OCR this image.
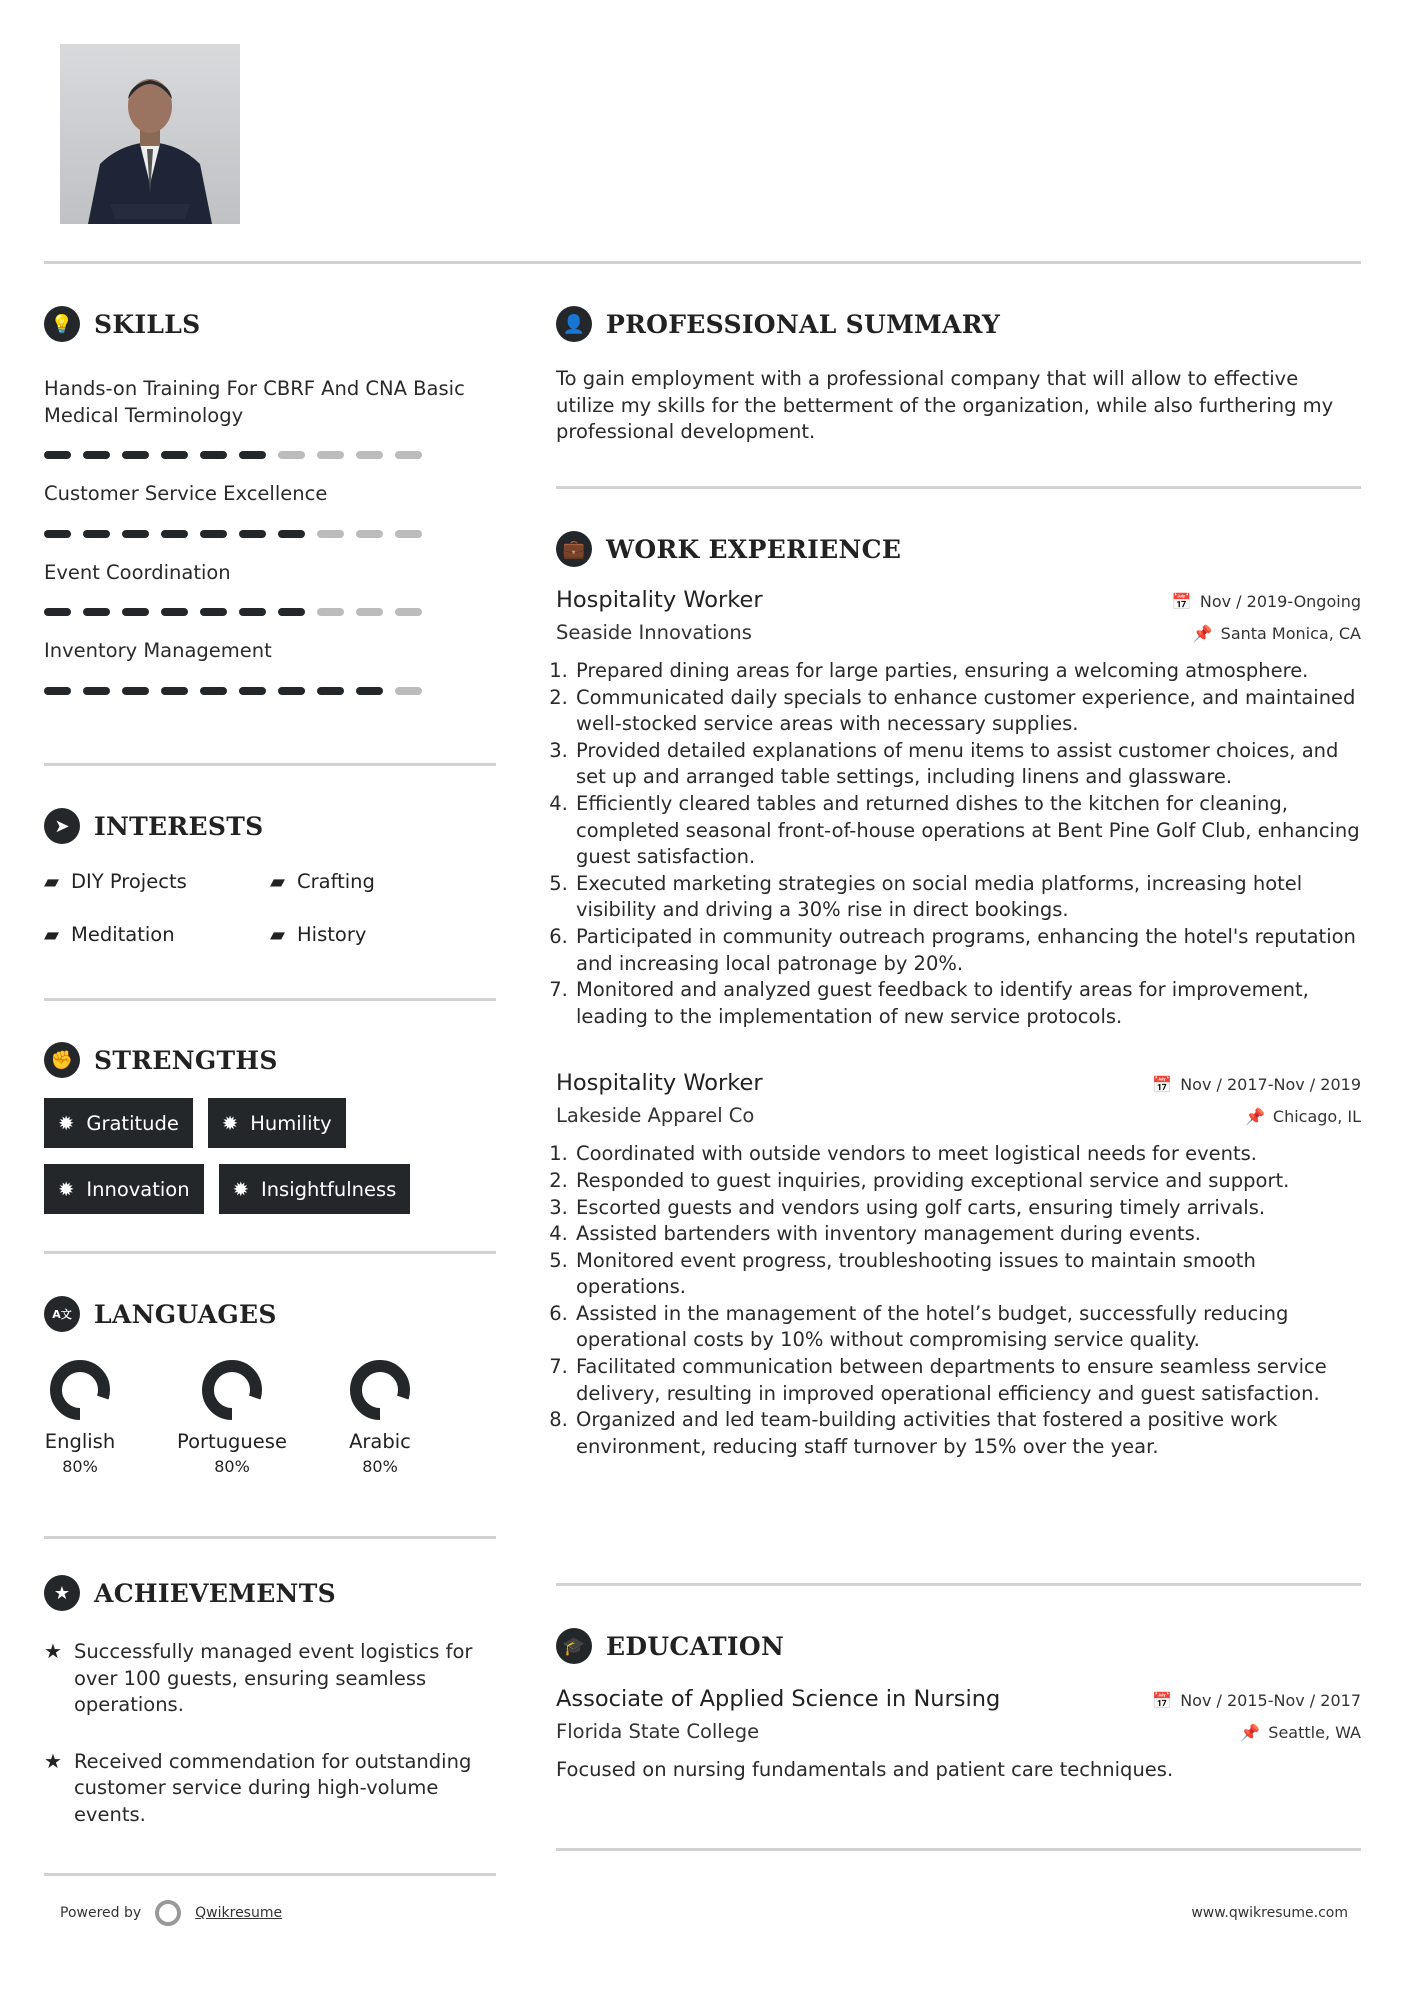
💡 SKILLS
Hands-on Training For CBRF And CNA Basic Medical Terminology
Customer Service Excellence
Event Coordination
Inventory Management
➤ INTERESTS
▰ DIY Projects	▰ Crafting
▰ Meditation	▰ History
✊ STRENGTHS
✹ Gratitude ✹ Humility
✹ Innovation ✹ Insightfulness
A文 LANGUAGES
English
80%
Portuguese
80%
Arabic
80%
★ ACHIEVEMENTS
★ Successfully managed event logistics for over 100 guests, ensuring seamless operations.
★ Received commendation for outstanding customer service during high-volume events.
👤 PROFESSIONAL SUMMARY
To gain employment with a professional company that will allow to effective utilize my skills for the betterment of the organization, while also furthering my professional development.
💼 WORK EXPERIENCE
Hospitality Worker	📅 Nov / 2019-Ongoing
Seaside Innovations	📌 Santa Monica, CA
1. Prepared dining areas for large parties, ensuring a welcoming atmosphere.
2. Communicated daily specials to enhance customer experience, and maintained well-stocked service areas with necessary supplies.
3. Provided detailed explanations of menu items to assist customer choices, and set up and arranged table settings, including linens and glassware.
4. Efficiently cleared tables and returned dishes to the kitchen for cleaning, completed seasonal front-of-house operations at Bent Pine Golf Club, enhancing guest satisfaction.
5. Executed marketing strategies on social media platforms, increasing hotel visibility and driving a 30% rise in direct bookings.
6. Participated in community outreach programs, enhancing the hotel's reputation and increasing local patronage by 20%.
7. Monitored and analyzed guest feedback to identify areas for improvement, leading to the implementation of new service protocols.
Hospitality Worker	📅 Nov / 2017-Nov / 2019
Lakeside Apparel Co	📌 Chicago, IL
1. Coordinated with outside vendors to meet logistical needs for events.
2. Responded to guest inquiries, providing exceptional service and support.
3. Escorted guests and vendors using golf carts, ensuring timely arrivals.
4. Assisted bartenders with inventory management during events.
5. Monitored event progress, troubleshooting issues to maintain smooth operations.
6. Assisted in the management of the hotel’s budget, successfully reducing operational costs by 10% without compromising service quality.
7. Facilitated communication between departments to ensure seamless service delivery, resulting in improved operational efficiency and guest satisfaction.
8. Organized and led team-building activities that fostered a positive work environment, reducing staff turnover by 15% over the year.
🎓 EDUCATION
Associate of Applied Science in Nursing	📅 Nov / 2015-Nov / 2017
Florida State College	📌 Seattle, WA
Focused on nursing fundamentals and patient care techniques.
Powered by	Qwikresume	www.qwikresume.com
